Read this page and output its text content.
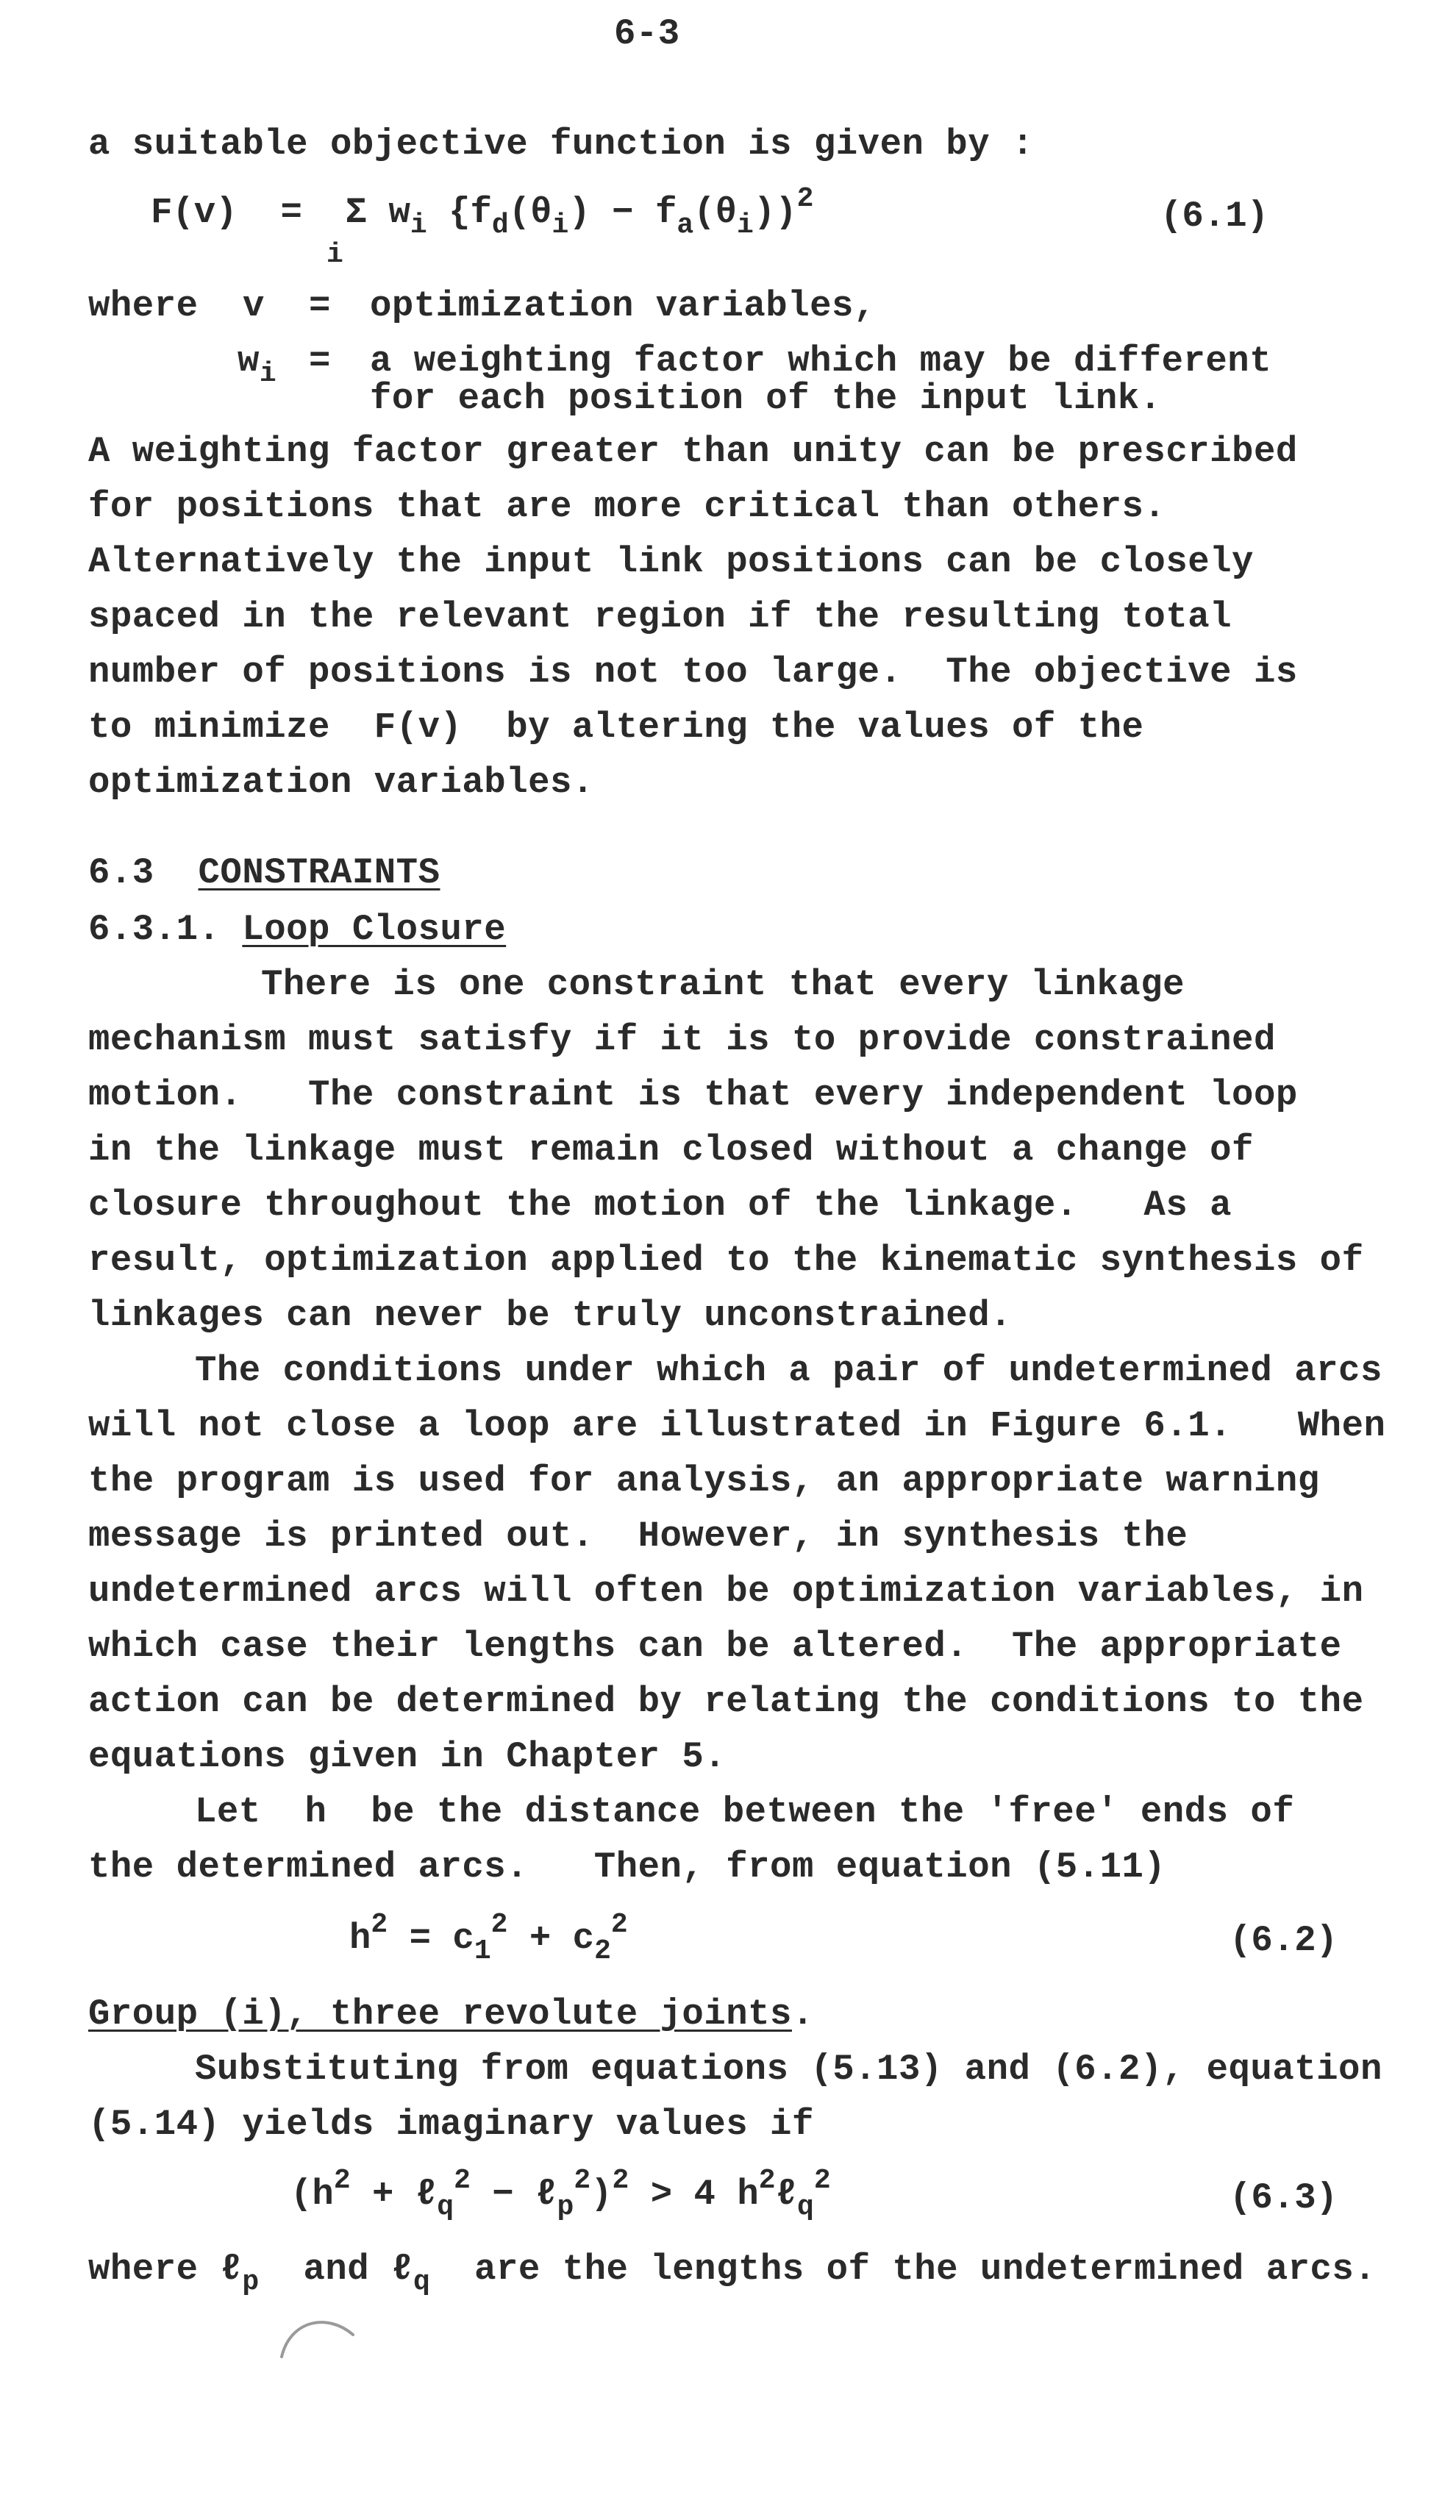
6-3
a suitable objective function is given by :
F(v) = Σ $w_i$ $\{f_d(\theta_i) - f_a(\theta_i))^2$
i
(6.1)
where v = optimization variables,
$w_i = a$ weighting factor which may be different
for each position of the input link.
A weighting factor greater than unity can be prescribed
for positions that are more critical than others.
Alternatively the input link positions can be closely
spaced in the relevant region if the resulting total
number of positions is not too large.  The objective is
to minimize  F(v)  by altering the values of the
optimization variables.
6.3 CONSTRAINTS
6.3.1. Loop Closure
There is one constraint that every linkage
mechanism must satisfy if it is to provide constrained
motion.   The constraint is that every independent loop
in the linkage must remain closed without a change of
closure throughout the motion of the linkage.   As a
result, optimization applied to the kinematic synthesis of
linkages can never be truly unconstrained.
The conditions under which a pair of undetermined arcs
will not close a loop are illustrated in Figure 6.1.   When
the program is used for analysis, an appropriate warning
message is printed out.  However, in synthesis the
undetermined arcs will often be optimization variables, in
which case their lengths can be altered.  The appropriate
action can be determined by relating the conditions to the
equations given in Chapter 5.
Let  h  be the distance between the 'free' ends of
the determined arcs.   Then, from equation (5.11)
$h^2 = c_1^2 + c_2^2$	(6.2)
Group (i), three revolute joints.
Substituting from equations (5.13) and (6.2), equation
(5.14) yields imaginary values if
($h^2$ + ℓ$_q^2$ − ℓ$_p^2$)$^2$ > 4 $h^2\ell_q^2$	(6.3)
where ℓ$_p$  and ℓ$_q$  are the lengths of the undetermined arcs.
